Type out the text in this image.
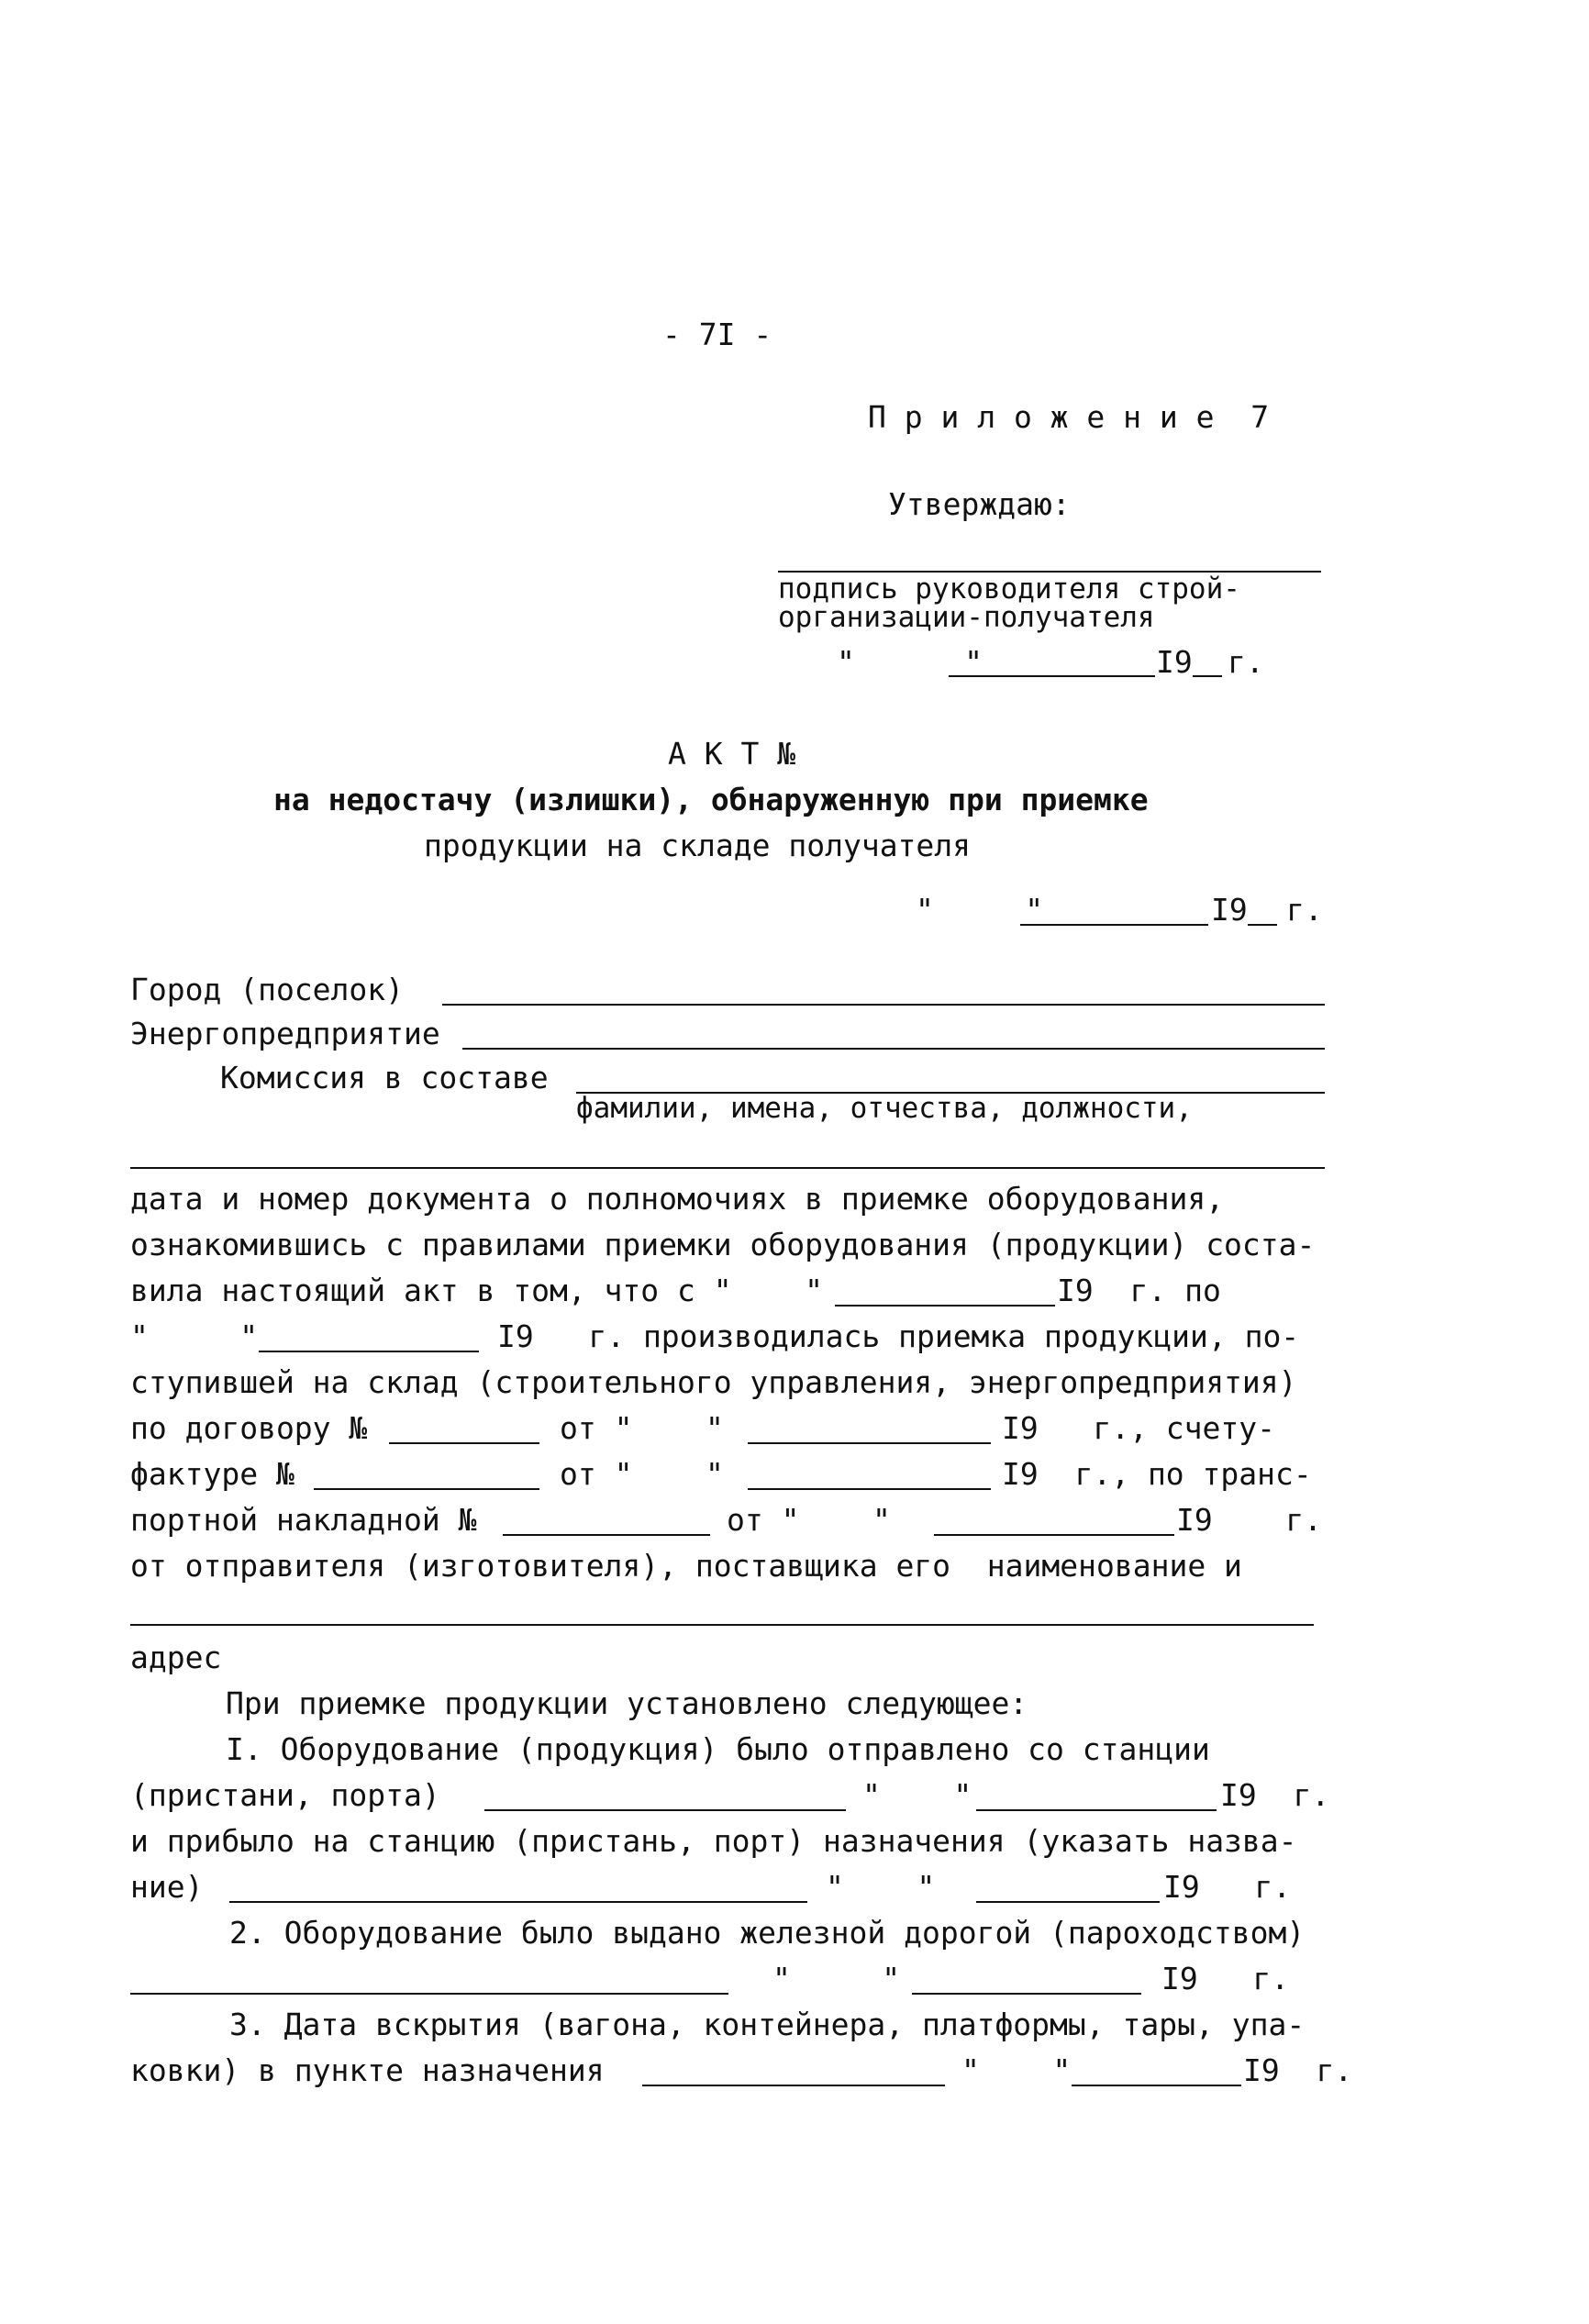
- 7I -
П р и л о ж е н и е  7
Утверждаю:
подпись руководителя строй-
организации-получателя
"      "	I9 г.
А К Т №
на недостачу (излишки), обнаруженную при приемке
продукции на складе получателя
"     "	I9 г.
Город (поселок)
Энергопредприятие
Комиссия в составе
фамилии, имена, отчества, должности,
дата и номер документа о полномочиях в приемке оборудования,
ознакомившись с правилами приемки оборудования (продукции) соста-
вила настоящий акт в том, что с "    "	I9  г. по
"     "	I9   г. производилась приемка продукции, по-
ступившей на склад (строительного управления, энергопредприятия)
по договору №	от "    "	I9   г., счету-
фактуре №	от "    "	I9  г., по транс-
портной накладной №	от "    "	I9    г.
от отправителя (изготовителя), поставщика его  наименование и
адрес
При приемке продукции установлено следующее:
I. Оборудование (продукция) было отправлено со станции
(пристани, порта)	"    "	I9  г.
и прибыло на станцию (пристань, порт) назначения (указать назва-
ние)	"    "	I9   г.
2. Оборудование было выдано железной дорогой (пароходством)
"     "	I9   г.
3. Дата вскрытия (вагона, контейнера, платформы, тары, упа-
ковки) в пункте назначения	"    "	I9  г.
